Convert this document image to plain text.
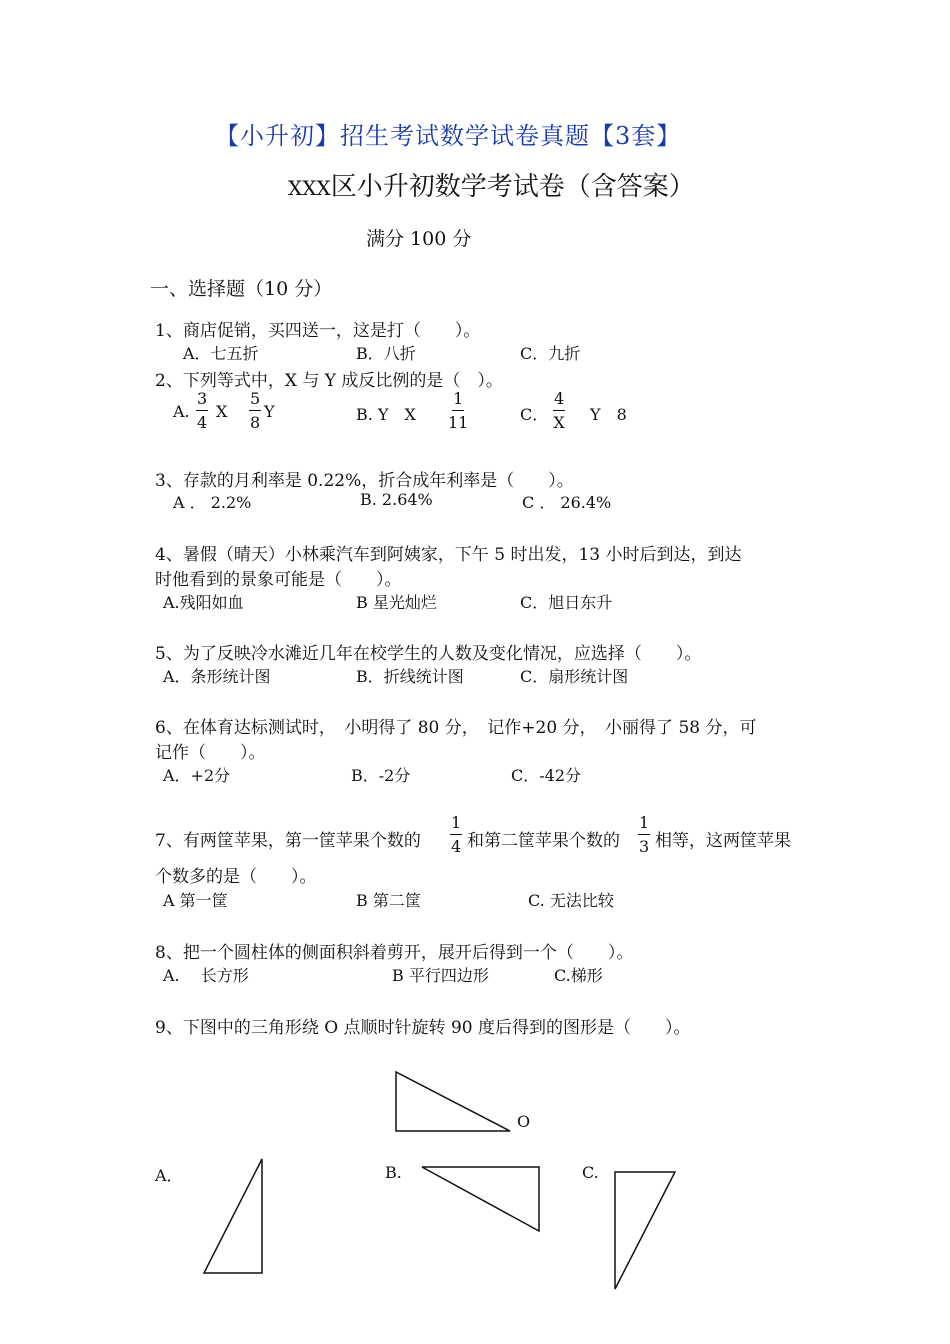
【小升初】招生考试数学试卷真题【3套】
XXX区小升初数学考试卷（含答案）
满分 100 分
一、选择题（10 分）
1、商店促销，买四送一，这是打（　　）。
A．七五折	B．八折	C．九折
2、下列等式中，X 与 Y 成反比例的是（　）。
A. $\frac{3}{4}$ X $\frac{5}{8}$ Y	B. Y　X $\frac{1}{11}$	C． $\frac{4}{X}$ Y　8
3、存款的月利率是 0.22%，折合成年利率是（　　）。
A ． 2.2%	B. 2.64%	C ． 26.4%
4、暑假（晴天）小林乘汽车到阿姨家，下午 5 时出发，13 小时后到达，到达
时他看到的景象可能是（　　）。
A.残阳如血	B 星光灿烂	C．旭日东升
5、为了反映冷水滩近几年在校学生的人数及变化情况，应选择（　　）。
A．条形统计图	B．折线统计图	C．扇形统计图
6、在体育达标测试时，　小明得了 80 分，　记作+20 分，　小丽得了 58 分，可
记作（　　）。
A．+2分	B．-2分	C．-42分
7、有两筐苹果，第一筐苹果个数的 $\frac{1}{4}$ 和第二筐苹果个数的 $\frac{1}{3}$ 相等，这两筐苹果
个数多的是（　　）。
A 第一筐	B 第二筐	C. 无法比较
8、把一个圆柱体的侧面积斜着剪开，展开后得到一个（　　）。
A.　 长方形	B 平行四边形	C.梯形
9、下图中的三角形绕 O 点顺时针旋转 90 度后得到的图形是（　　）。
O
A．	B.	C.
